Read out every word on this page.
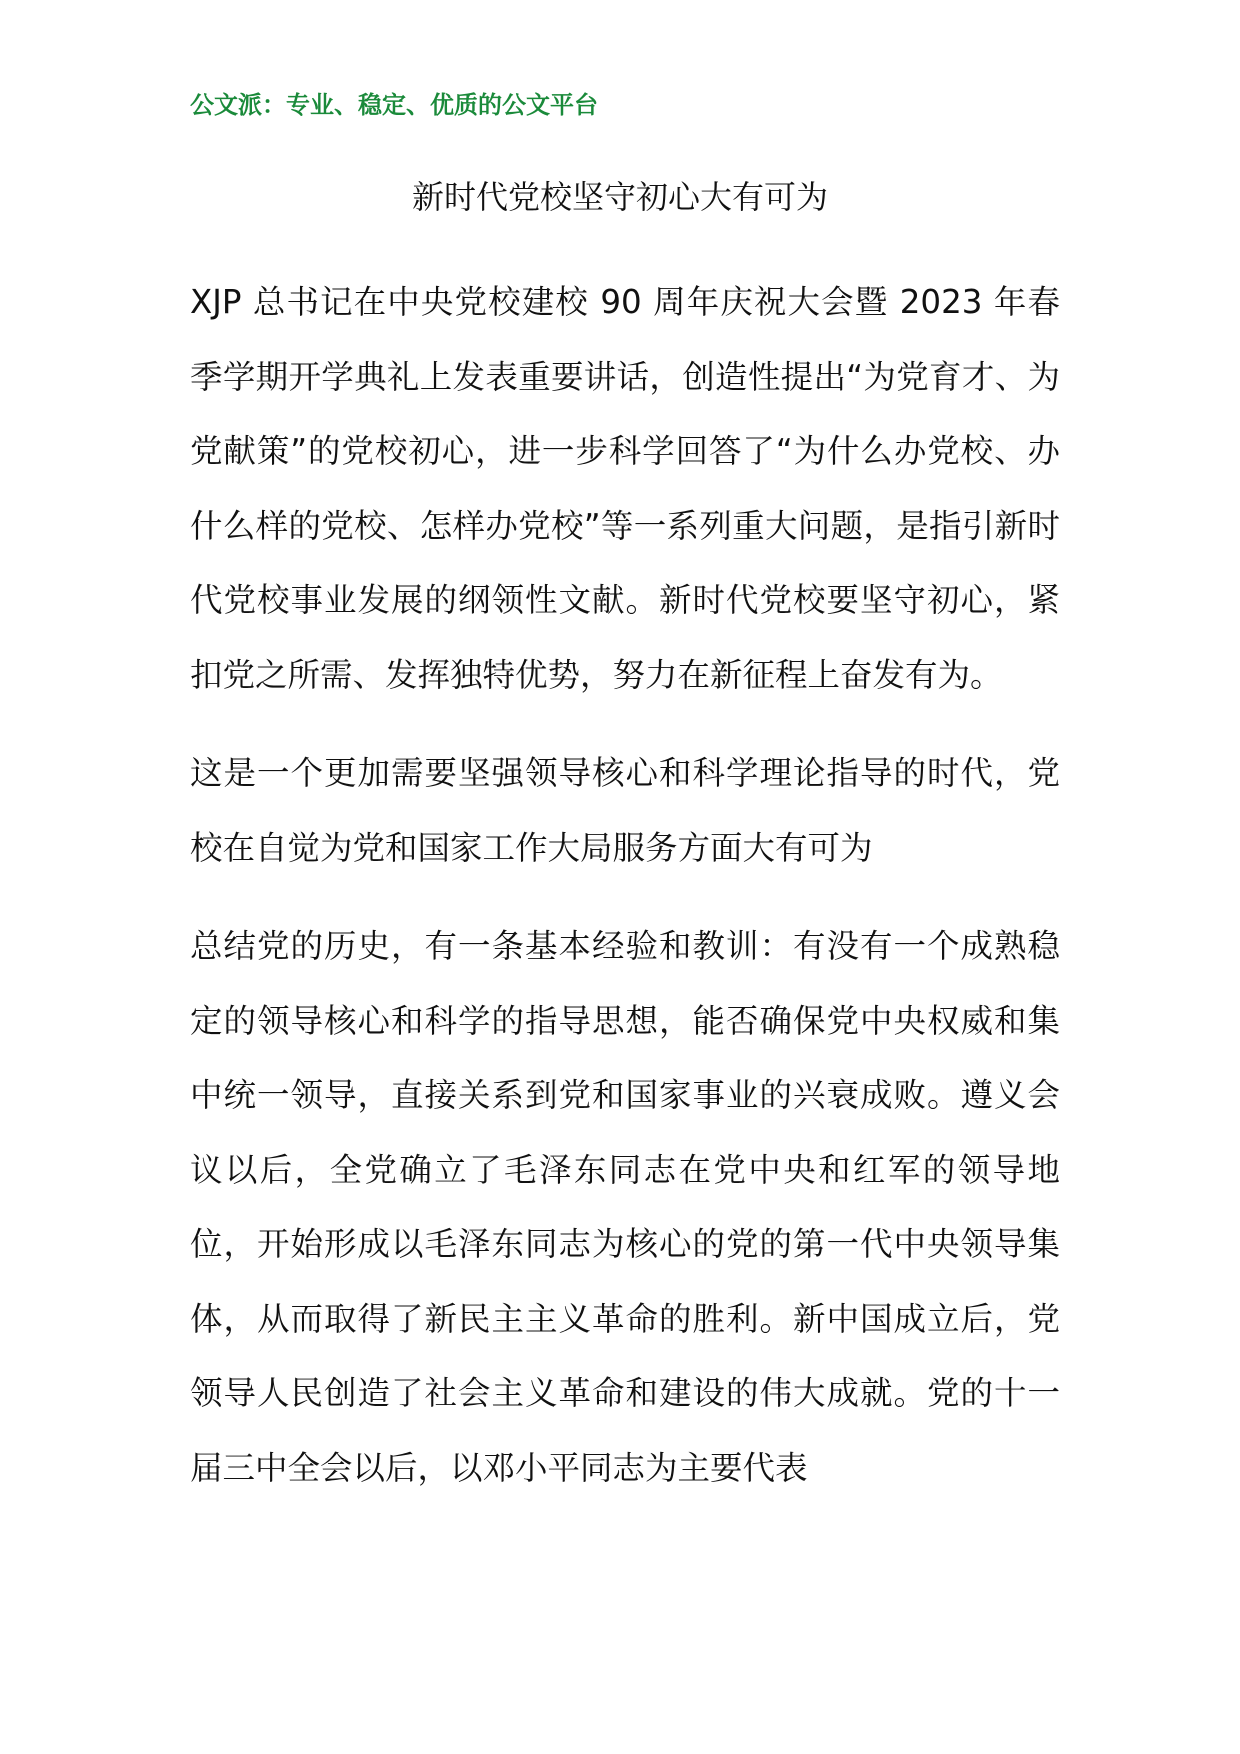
公文派：专业、稳定、优质的公文平台
新时代党校坚守初心大有可为

XJP 总书记在中央党校建校 90 周年庆祝大会暨 2023 年春季学期开学典礼上发表重要讲话，创造性提出“为党育才、为党献策”的党校初心，进一步科学回答了“为什么办党校、办什么样的党校、怎样办党校”等一系列重大问题，是指引新时代党校事业发展的纲领性文献。新时代党校要坚守初心，紧扣党之所需、发挥独特优势，努力在新征程上奋发有为。

这是一个更加需要坚强领导核心和科学理论指导的时代，党校在自觉为党和国家工作大局服务方面大有可为

总结党的历史，有一条基本经验和教训：有没有一个成熟稳定的领导核心和科学的指导思想，能否确保党中央权威和集中统一领导，直接关系到党和国家事业的兴衰成败。遵义会议以后，全党确立了毛泽东同志在党中央和红军的领导地位，开始形成以毛泽东同志为核心的党的第一代中央领导集体，从而取得了新民主主义革命的胜利。新中国成立后，党领导人民创造了社会主义革命和建设的伟大成就。党的十一届三中全会以后，以邓小平同志为主要代表
